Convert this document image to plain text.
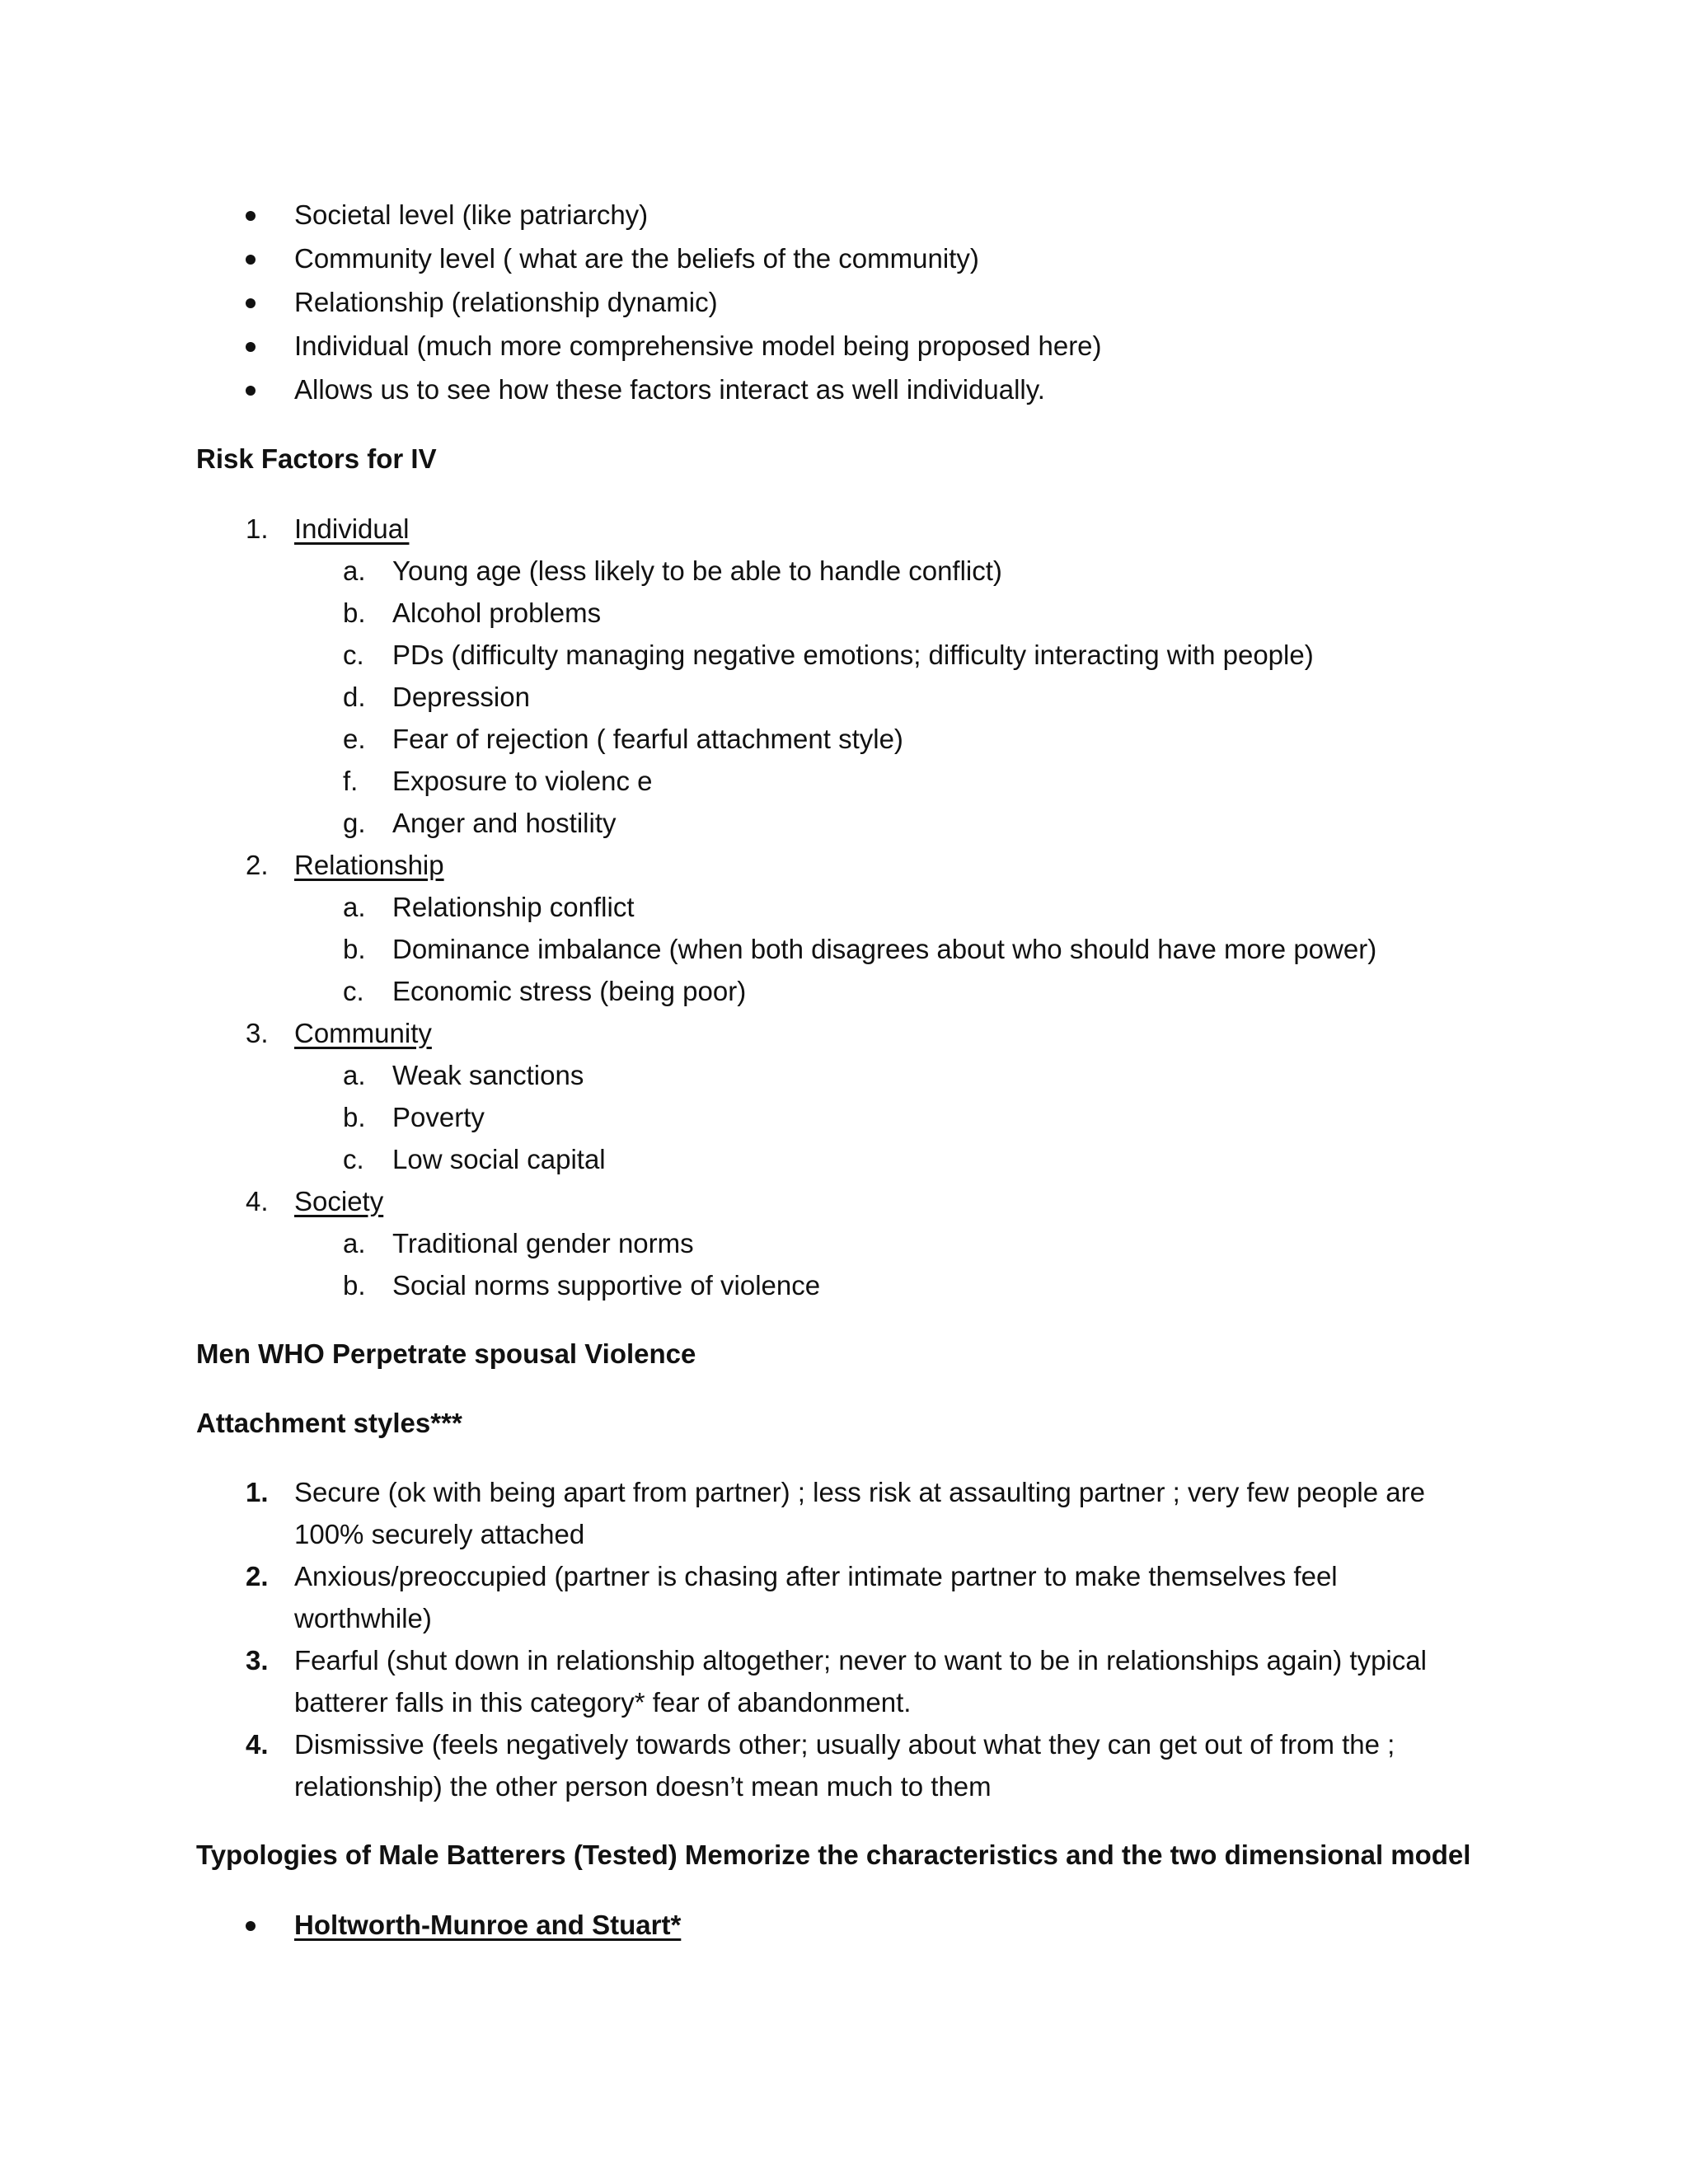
Societal level (like patriarchy)
Community level ( what are the beliefs of the community)
Relationship (relationship dynamic)
Individual (much more comprehensive model being proposed here)
Allows us to see how these factors interact as well individually.
Risk Factors for IV
1. Individual
a. Young age (less likely to be able to handle conflict)
b. Alcohol problems
c. PDs (difficulty managing negative emotions; difficulty interacting with people)
d. Depression
e. Fear of rejection ( fearful attachment style)
f. Exposure to violenc e
g. Anger and hostility
2. Relationship
a. Relationship conflict
b. Dominance imbalance (when both disagrees about who should have more power)
c. Economic stress (being poor)
3. Community
a. Weak sanctions
b. Poverty
c. Low social capital
4. Society
a. Traditional gender norms
b. Social norms supportive of violence
Men WHO Perpetrate spousal Violence
Attachment styles***
1. Secure (ok with being apart from partner) ; less risk at assaulting partner ; very few people are
100% securely attached
2. Anxious/preoccupied (partner is chasing after intimate partner to make themselves feel
worthwhile)
3. Fearful (shut down in relationship altogether; never to want to be in relationships again) typical
batterer falls in this category* fear of abandonment.
4. Dismissive (feels negatively towards other; usually about what they can get out of from the ;
relationship) the other person doesn’t mean much to them
Typologies of Male Batterers (Tested) Memorize the characteristics and the two dimensional model
Holtworth-Munroe and Stuart*
